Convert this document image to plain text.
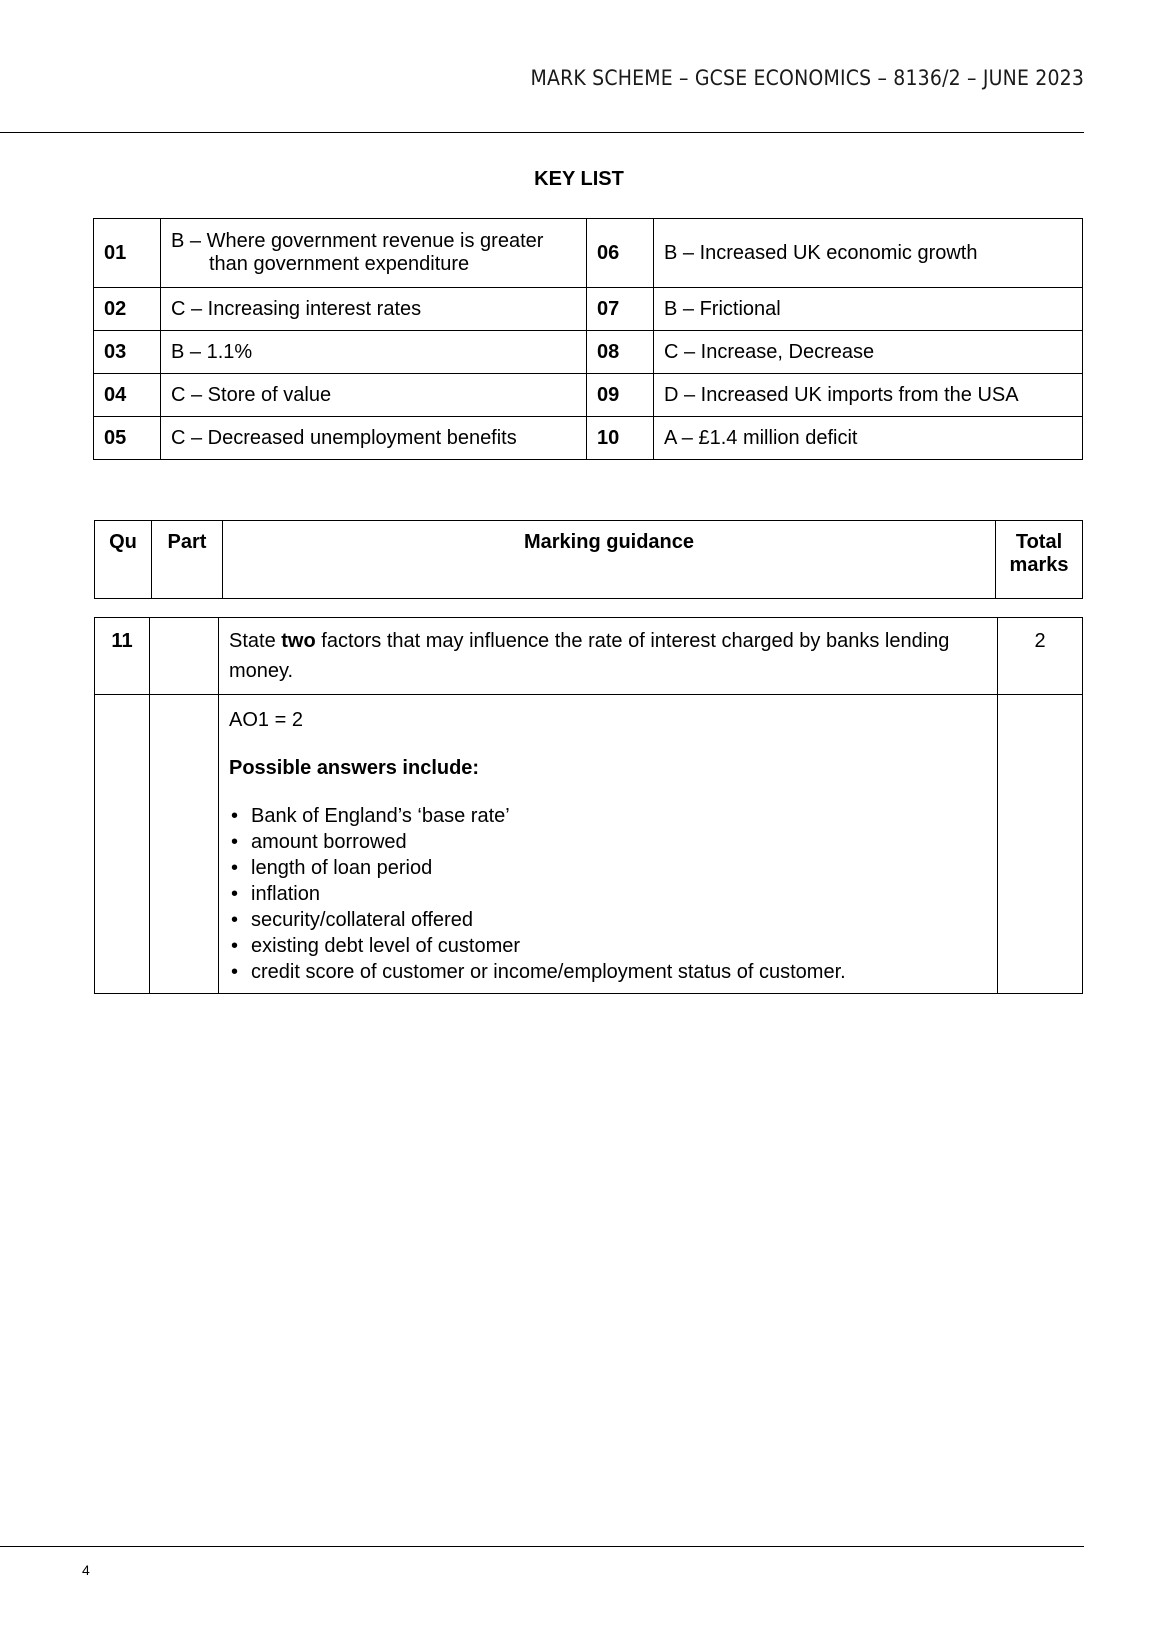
MARK SCHEME – GCSE ECONOMICS – 8136/2 – JUNE 2023
KEY LIST
01	B – Where government revenue is greater
than government expenditure	06	B – Increased UK economic growth
02	C – Increasing interest rates	07	B – Frictional
03	B – 1.1%	08	C – Increase, Decrease
04	C – Store of value	09	D – Increased UK imports from the USA
05	C – Decreased unemployment benefits	10	A – £1.4 million deficit
Qu	Part	Marking guidance	Total
marks
11		State two factors that may influence the rate of interest charged by banks lending money.	2

AO1 = 2
Possible answers include:
• Bank of England’s ‘base rate’
• amount borrowed
• length of loan period
• inflation
• security/collateral offered
• existing debt level of customer
• credit score of customer or income/employment status of customer.

4
